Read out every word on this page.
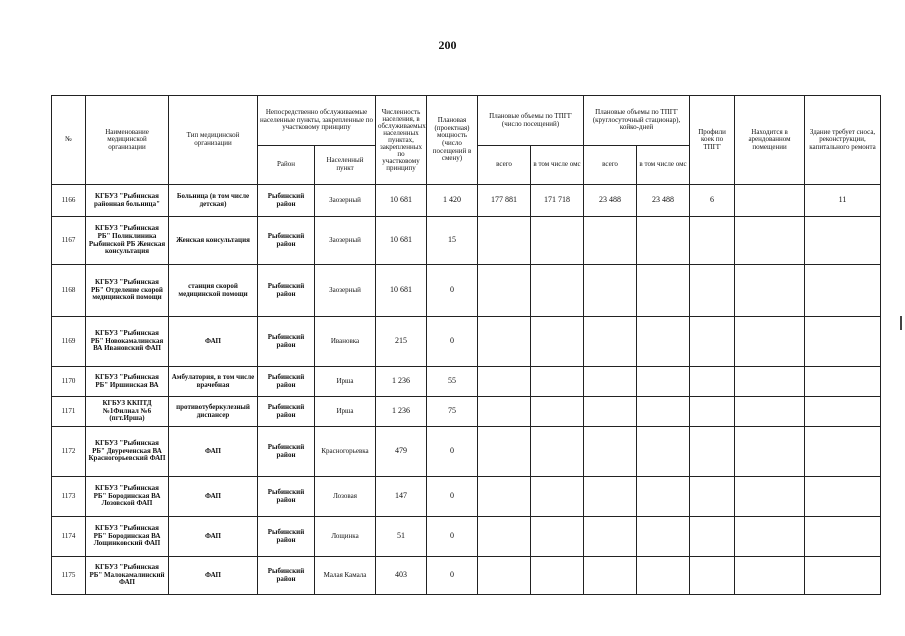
200
№	Наименование медицинской организации	Тип медицинской организации	Непосредственно обслуживаемые населенные пункты, закрепленные по участковому принципу		Численность населения, в обслуживаемых населенных пунктах, закрепленных по участковому принципу	Плановая (проектная) мощность (число посещений в смену)	Плановые объемы по ТПГГ (число посещений)		Плановые объемы по ТПГГ (круглосуточный стационар), койко-дней		Профили коек по ТПГГ	Находится в арендованном помещении	Здание требует сноса, реконструкции, капитального ремонта
			Район	Населенный пункт			всего	в том числе омс	всего	в том числе омс			
1166	КГБУЗ "Рыбинская районная больница"	Больница (в том числе детская)	Рыбинский район	Заозерный	10 681	1 420	177 881	171 718	23 488	23 488	6		11
1167	КГБУЗ "Рыбинская РБ" Поликлиника Рыбинской РБ Женская консультация	Женская консультация	Рыбинский район	Заозерный	10 681	15							
1168	КГБУЗ "Рыбинская РБ" Отделение скорой медицинской помощи	станция скорой медицинской помощи	Рыбинский район	Заозерный	10 681	0							
1169	КГБУЗ "Рыбинская РБ" Новокамалинская ВА Ивановский ФАП	ФАП	Рыбинский район	Ивановка	215	0							
1170	КГБУЗ "Рыбинская РБ" Иршинская ВА	Амбулатория, в том числе врачебная	Рыбинский район	Ирша	1 236	55							
1171	КГБУЗ ККПТД №1Филиал №6 (пгт.Ирша)	противотуберкулезный диспансер	Рыбинский район	Ирша	1 236	75							
1172	КГБУЗ "Рыбинская РБ" Двуреченская ВА Красногорьевский ФАП	ФАП	Рыбинский район	Красногорьевка	479	0							
1173	КГБУЗ "Рыбинская РБ" Бородинская ВА Лозовской ФАП	ФАП	Рыбинский район	Лозовая	147	0							
1174	КГБУЗ "Рыбинская РБ" Бородинская ВА Лощинковский ФАП	ФАП	Рыбинский район	Лощинка	51	0							
1175	КГБУЗ "Рыбинская РБ" Малокамалинский ФАП	ФАП	Рыбинский район	Малая Камала	403	0							
